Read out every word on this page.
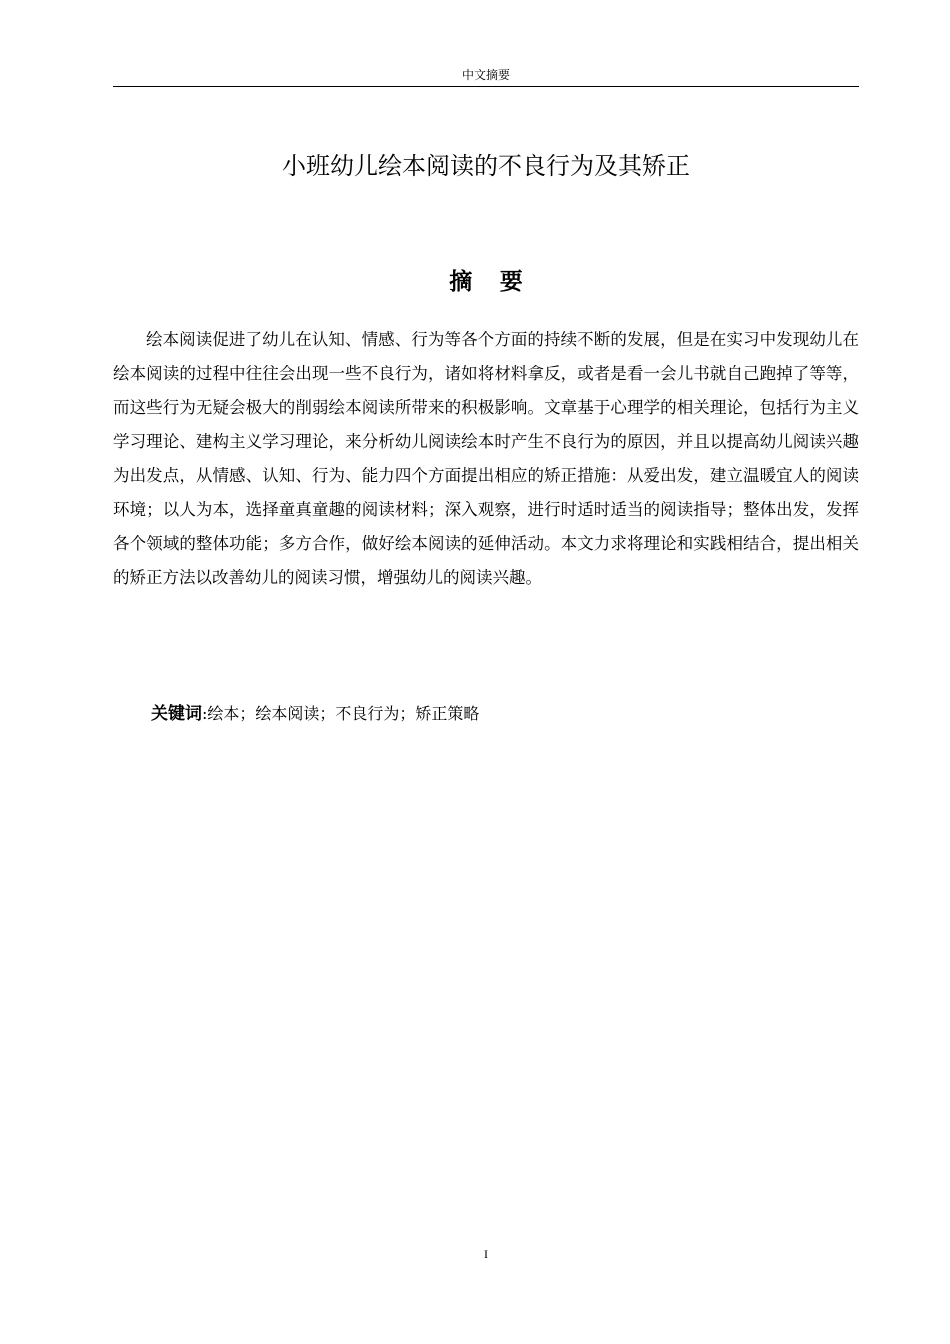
中文摘要
小班幼儿绘本阅读的不良行为及其矫正
摘要

绘本阅读促进了幼儿在认知、情感、行为等各个方面的持续不断的发展，但是在实习中发现幼儿在绘本阅读的过程中往往会出现一些不良行为，诸如将材料拿反，或者是看一会儿书就自己跑掉了等等，而这些行为无疑会极大的削弱绘本阅读所带来的积极影响。文章基于心理学的相关理论，包括行为主义学习理论、建构主义学习理论，来分析幼儿阅读绘本时产生不良行为的原因，并且以提高幼儿阅读兴趣为出发点，从情感、认知、行为、能力四个方面提出相应的矫正措施：从爱出发，建立温暖宜人的阅读环境；以人为本，选择童真童趣的阅读材料；深入观察，进行时适时适当的阅读指导；整体出发，发挥各个领域的整体功能；多方合作，做好绘本阅读的延伸活动。本文力求将理论和实践相结合，提出相关的矫正方法以改善幼儿的阅读习惯，增强幼儿的阅读兴趣。

关键词:绘本；绘本阅读；不良行为；矫正策略
I
